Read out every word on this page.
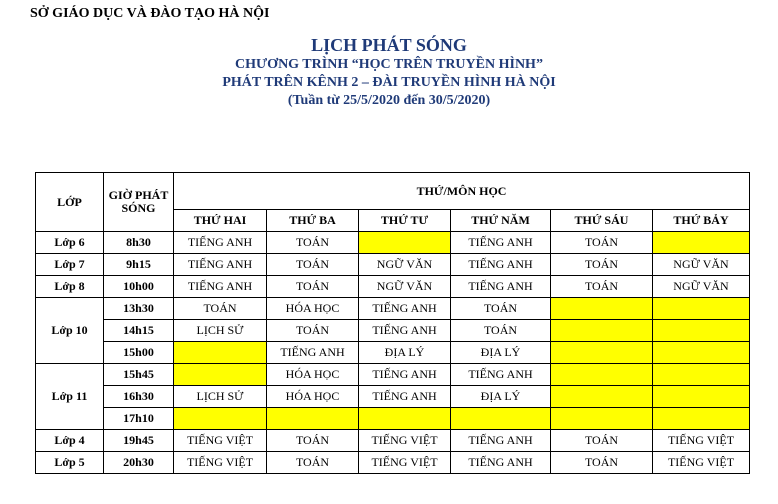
SỞ GIÁO DỤC VÀ ĐÀO TẠO HÀ NỘI
LỊCH PHÁT SÓNG
CHƯƠNG TRÌNH “HỌC TRÊN TRUYỀN HÌNH”
PHÁT TRÊN KÊNH 2 – ĐÀI TRUYỀN HÌNH HÀ NỘI
(Tuần từ 25/5/2020 đến 30/5/2020)
LỚP	GIỜ PHÁT SÓNG	THỨ/MÔN HỌC					
		THỨ HAI	THỨ BA	THỨ TƯ	THỨ NĂM	THỨ SÁU	THỨ BẢY
Lớp 6	8h30	TIẾNG ANH	TOÁN		TIẾNG ANH	TOÁN	
Lớp 7	9h15	TIẾNG ANH	TOÁN	NGỮ VĂN	TIẾNG ANH	TOÁN	NGỮ VĂN
Lớp 8	10h00	TIẾNG ANH	TOÁN	NGỮ VĂN	TIẾNG ANH	TOÁN	NGỮ VĂN
Lớp 10	13h30	TOÁN	HÓA HỌC	TIẾNG ANH	TOÁN		
	14h15	LỊCH SỬ	TOÁN	TIẾNG ANH	TOÁN		
	15h00		TIẾNG ANH	ĐỊA LÝ	ĐỊA LÝ		
Lớp 11	15h45		HÓA HỌC	TIẾNG ANH	TIẾNG ANH		
	16h30	LỊCH SỬ	HÓA HỌC	TIẾNG ANH	ĐỊA LÝ		
	17h10						
Lớp 4	19h45	TIẾNG VIỆT	TOÁN	TIẾNG VIỆT	TIẾNG ANH	TOÁN	TIẾNG VIỆT
Lớp 5	20h30	TIẾNG VIỆT	TOÁN	TIẾNG VIỆT	TIẾNG ANH	TOÁN	TIẾNG VIỆT
